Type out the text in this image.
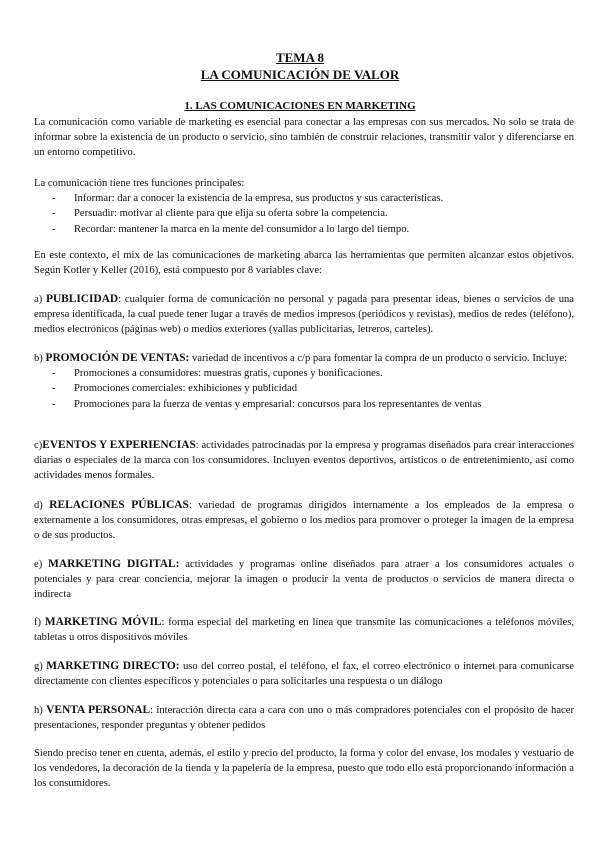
TEMA 8
LA COMUNICACIÓN DE VALOR
1. LAS COMUNICACIONES EN MARKETING

La comunicación como variable de marketing es esencial para conectar a las empresas con sus mercados. No solo se trata de informar sobre la existencia de un producto o servicio, sino también de construir relaciones, transmitir valor y diferenciarse en un entorno competitivo.

La comunicación tiene tres funciones principales:

- Informar: dar a conocer la existencia de la empresa, sus productos y sus características.
- Persuadir: motivar al cliente para que elija su oferta sobre la competencia.
- Recordar: mantener la marca en la mente del consumidor a lo largo del tiempo.

En este contexto, el mix de las comunicaciones de marketing abarca las herramientas que permiten alcanzar estos objetivos. Según Kotler y Keller (2016), está compuesto por 8 variables clave:

a) PUBLICIDAD: cualquier forma de comunicación no personal y pagada para presentar ideas, bienes o servicios de una empresa identificada, la cual puede tener lugar a través de medios impresos (periódicos y revistas), medios de redes (teléfono), medios electrónicos (páginas web) o medios exteriores (vallas publicitarias, letreros, carteles).

b) PROMOCIÓN DE VENTAS: variedad de incentivos a c/p para fomentar la compra de un producto o servicio. Incluye:

- Promociones a consumidores: muestras gratis, cupones y bonificaciones.
- Promociones comerciales: exhibiciones y publicidad
- Promociones para la fuerza de ventas y empresarial: concursos para los representantes de ventas

c)EVENTOS Y EXPERIENCIAS: actividades patrocinadas por la empresa y programas diseñados para crear interacciones diarias o especiales de la marca con los consumidores. Incluyen eventos deportivos, artísticos o de entretenimiento, así como actividades menos formales.

d) RELACIONES PÚBLICAS: variedad de programas dirigidos internamente a los empleados de la empresa o externamente a los consumidores, otras empresas, el gobierno o los medios para promover o proteger la imagen de la empresa o de sus productos.

e) MARKETING DIGITAL: actividades y programas online diseñados para atraer a los consumidores actuales o potenciales y para crear conciencia, mejorar la imagen o producir la venta de productos o servicios de manera directa o indirecta

f) MARKETING MÓVIL: forma especial del marketing en línea que transmite las comunicaciones a teléfonos móviles, tabletas u otros dispositivos móviles

g) MARKETING DIRECTO: uso del correo postal, el teléfono, el fax, el correo electrónico o internet para comunicarse directamente con clientes específicos y potenciales o para solicitarles una respuesta o un diálogo

h) VENTA PERSONAL: interacción directa cara a cara con uno o más compradores potenciales con el propósito de hacer presentaciones, responder preguntas y obtener pedidos

Siendo preciso tener en cuenta, además, el estilo y precio del producto, la forma y color del envase, los modales y vestuario de los vendedores, la decoración de la tienda y la papelería de la empresa, puesto que todo ello está proporcionando información a los consumidores.
